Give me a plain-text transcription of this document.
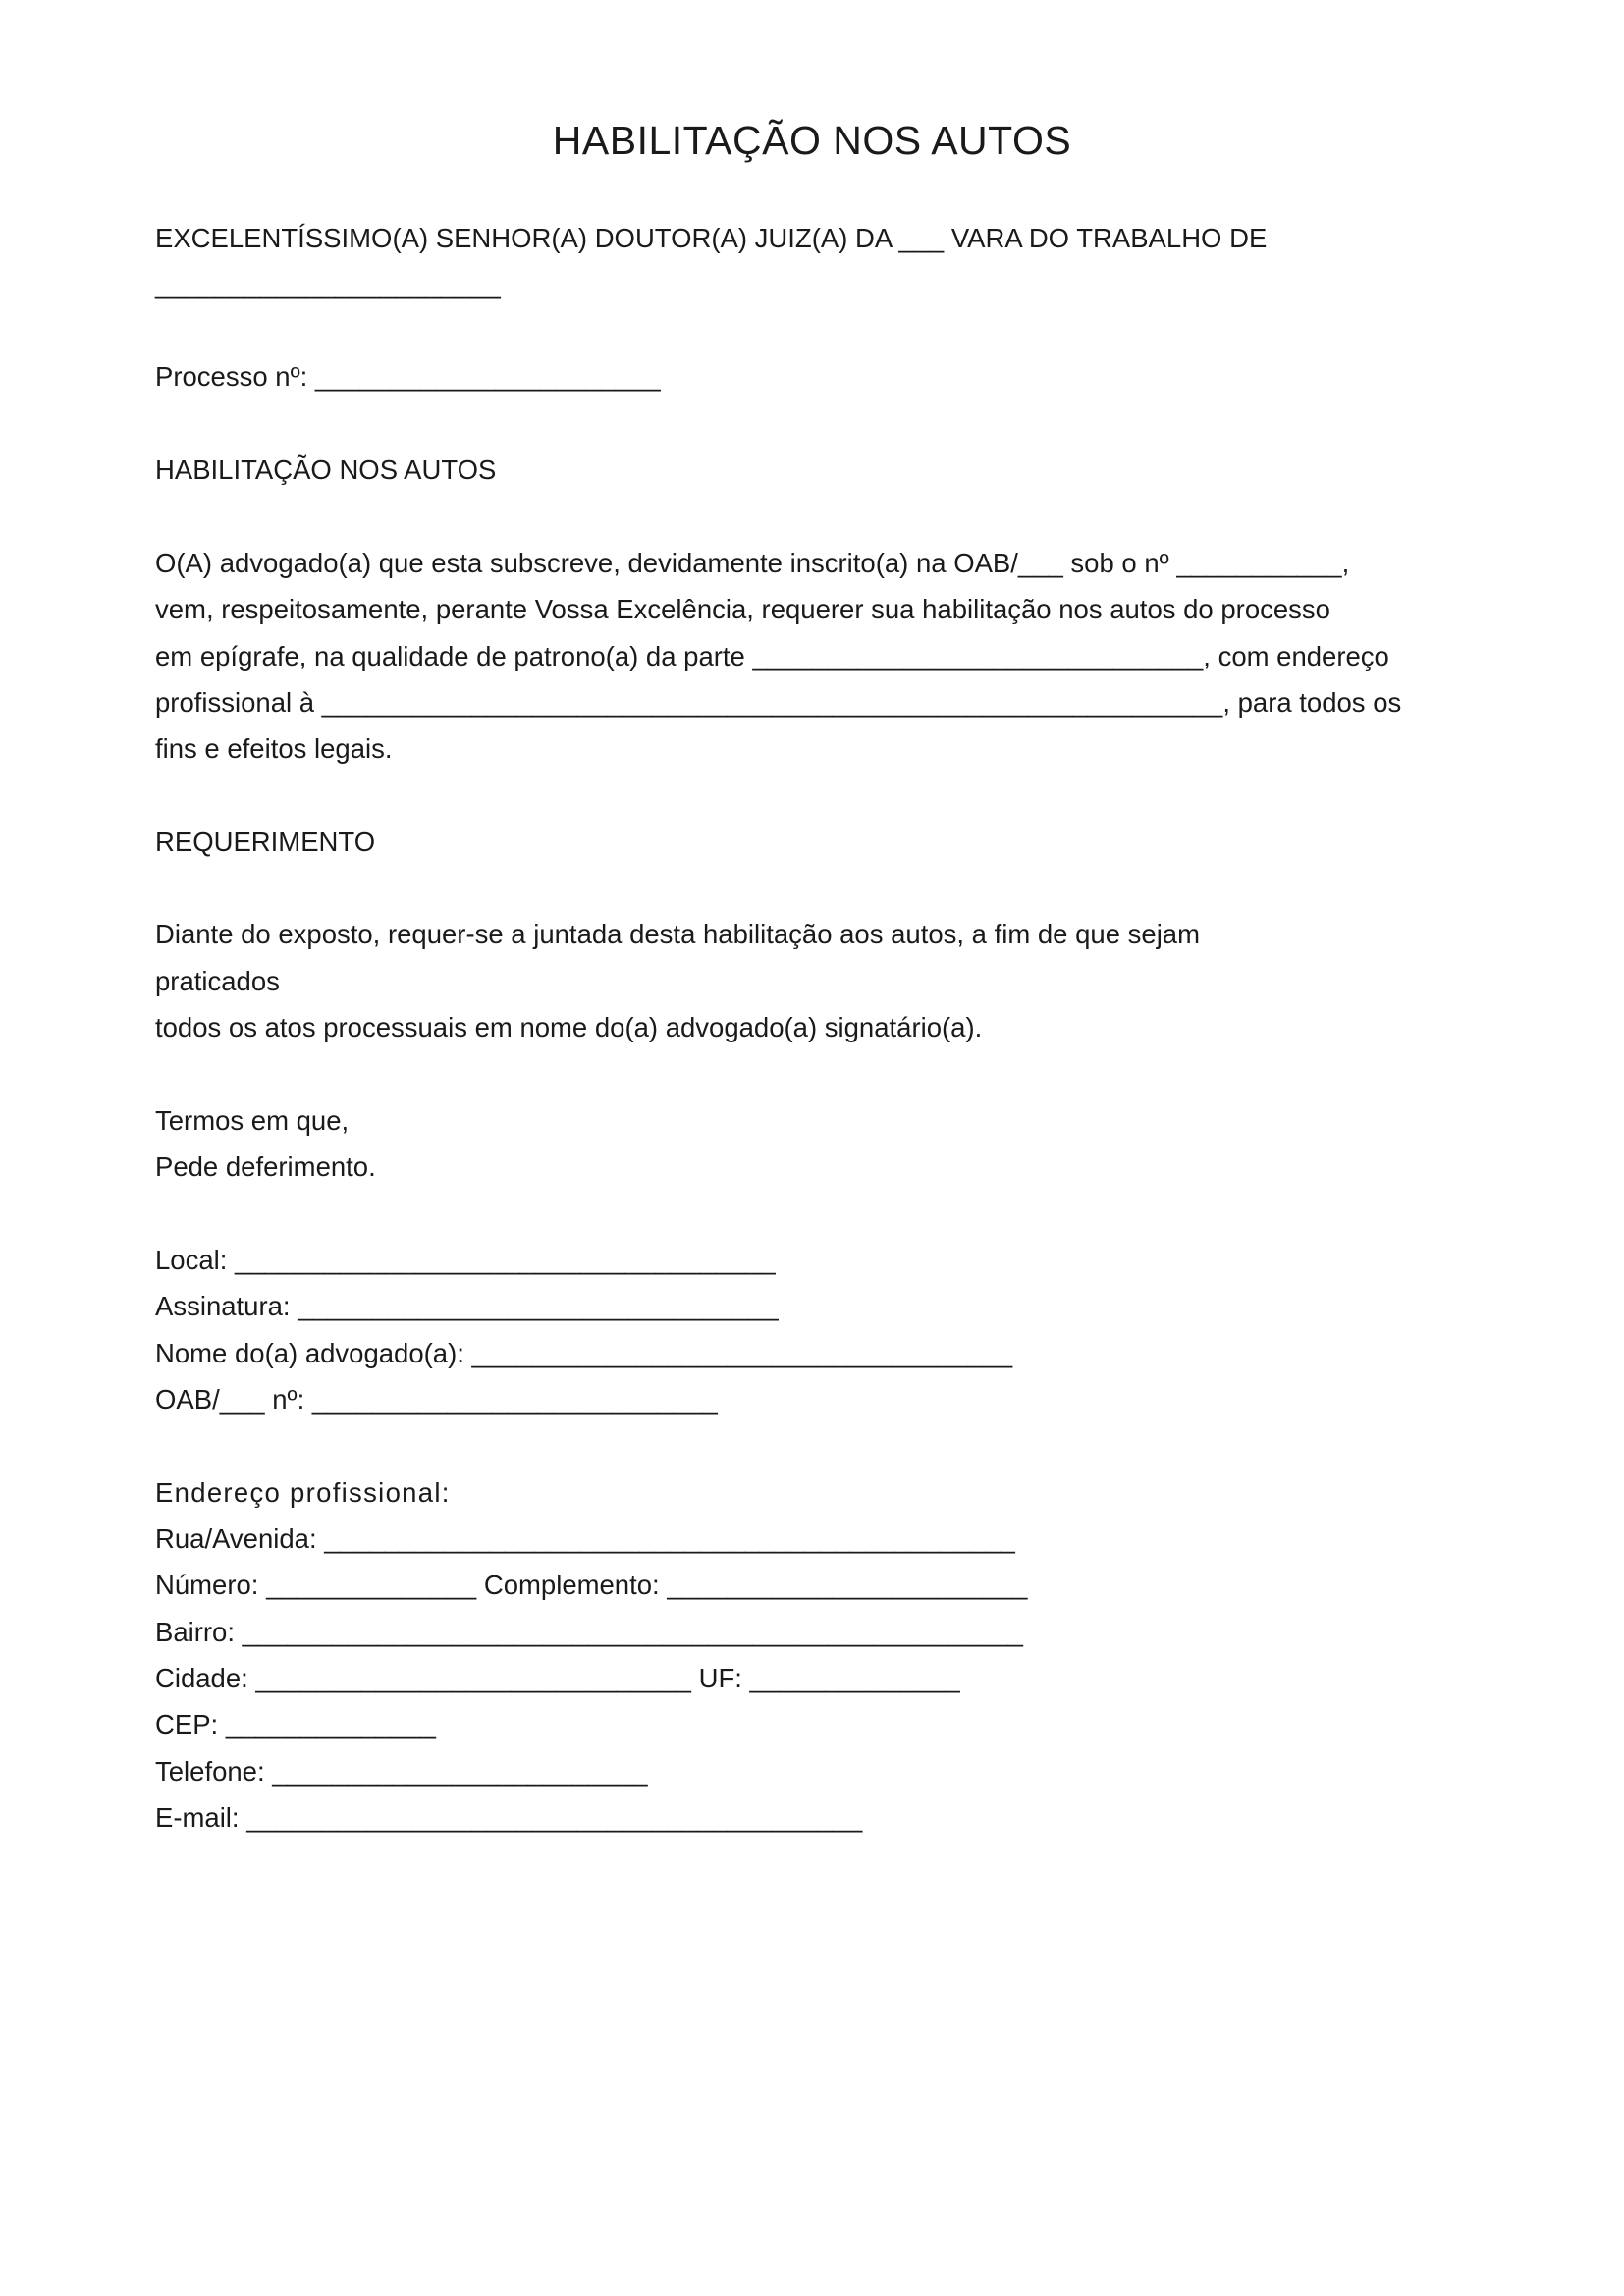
HABILITAÇÃO NOS AUTOS
EXCELENTÍSSIMO(A) SENHOR(A) DOUTOR(A) JUIZ(A) DA ___ VARA DO TRABALHO DE
_______________________
Processo nº: _______________________
HABILITAÇÃO NOS AUTOS
O(A) advogado(a) que esta subscreve, devidamente inscrito(a) na OAB/___ sob o nº ___________,
vem, respeitosamente, perante Vossa Excelência, requerer sua habilitação nos autos do processo
em epígrafe, na qualidade de patrono(a) da parte ______________________________, com endereço
profissional à ____________________________________________________________, para todos os
fins e efeitos legais.
REQUERIMENTO
Diante do exposto, requer-se a juntada desta habilitação aos autos, a fim de que sejam
praticados
todos os atos processuais em nome do(a) advogado(a) signatário(a).
Termos em que,
Pede deferimento.
Local: ____________________________________
Assinatura: ________________________________
Nome do(a) advogado(a): ____________________________________
OAB/___ nº: ___________________________
Endereço profissional:
Rua/Avenida: ______________________________________________
Número: ______________ Complemento: ________________________
Bairro: ____________________________________________________
Cidade: _____________________________ UF: ______________
CEP: ______________
Telefone: _________________________
E-mail: _________________________________________
